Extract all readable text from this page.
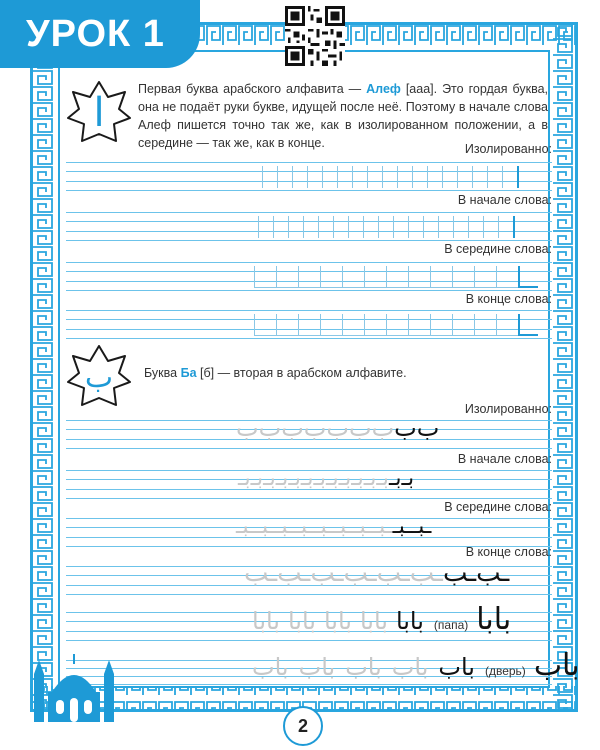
УРОК 1
ا
Первая буква арабского алфавита — Алеф [aaa]. Это гордая буква, она не подаёт руки букве, идущей после неё. Поэтому в начале слова Алеф пишется точно так же, как в изолированном положении, а в середине — так же, как в конце.	Изолированно:
В начале слова:
В середине слова:
В конце слова:
ب	Буква Ба [б] — вторая в арабском алфавите.
Изолированно:
ب
ب
ب
ب
ب
ب
ب
ب
ب
В начале слова:
بـ
بـ
بـ
بـ
بـ
بـ
بـ
بـ
بـ
بـ
بـ
بـ
بـ
بـ
В середине слова:
ـبـ
ـبـ
ـبـ
ـبـ
ـبـ
ـبـ
ـبـ
ـبـ
ـبـ
ـبـ
В конце слова:
ـب
ـب
ـب
ـب
ـب
ـب
ـب
ـب
بابا بابا بابا بابا بابا (папа) بابا
باب باب باب باب باب (дверь) باب
2
